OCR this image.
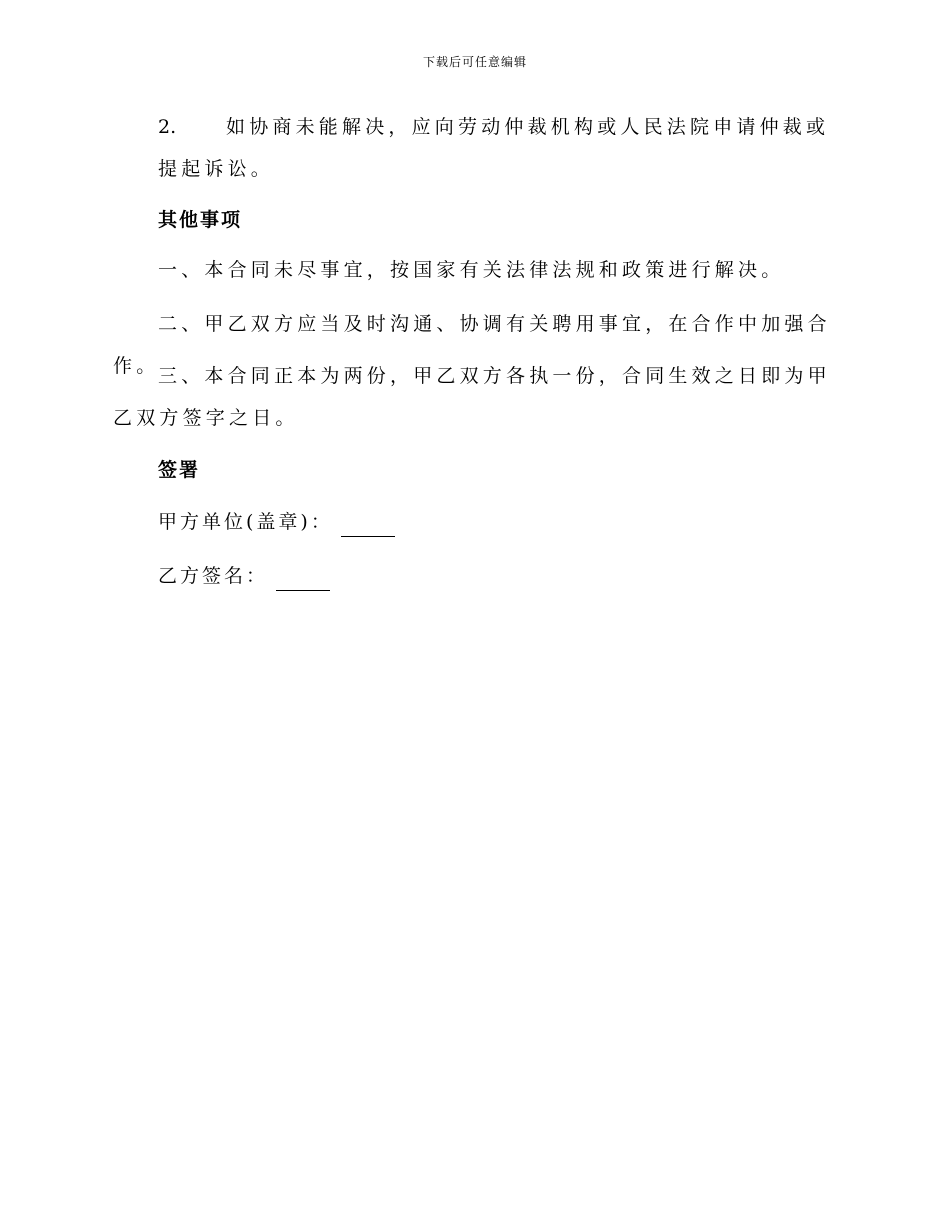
下载后可任意编辑
2.	如协商未能解决，应向劳动仲裁机构或人民法院申请仲裁或提起诉讼。
其他事项
一、本合同未尽事宜，按国家有关法律法规和政策进行解决。
二、甲乙双方应当及时沟通、协调有关聘用事宜，在合作中加强合作。
三、本合同正本为两份，甲乙双方各执一份，合同生效之日即为甲乙双方签字之日。
签署
甲方单位(盖章)：
乙方签名：
